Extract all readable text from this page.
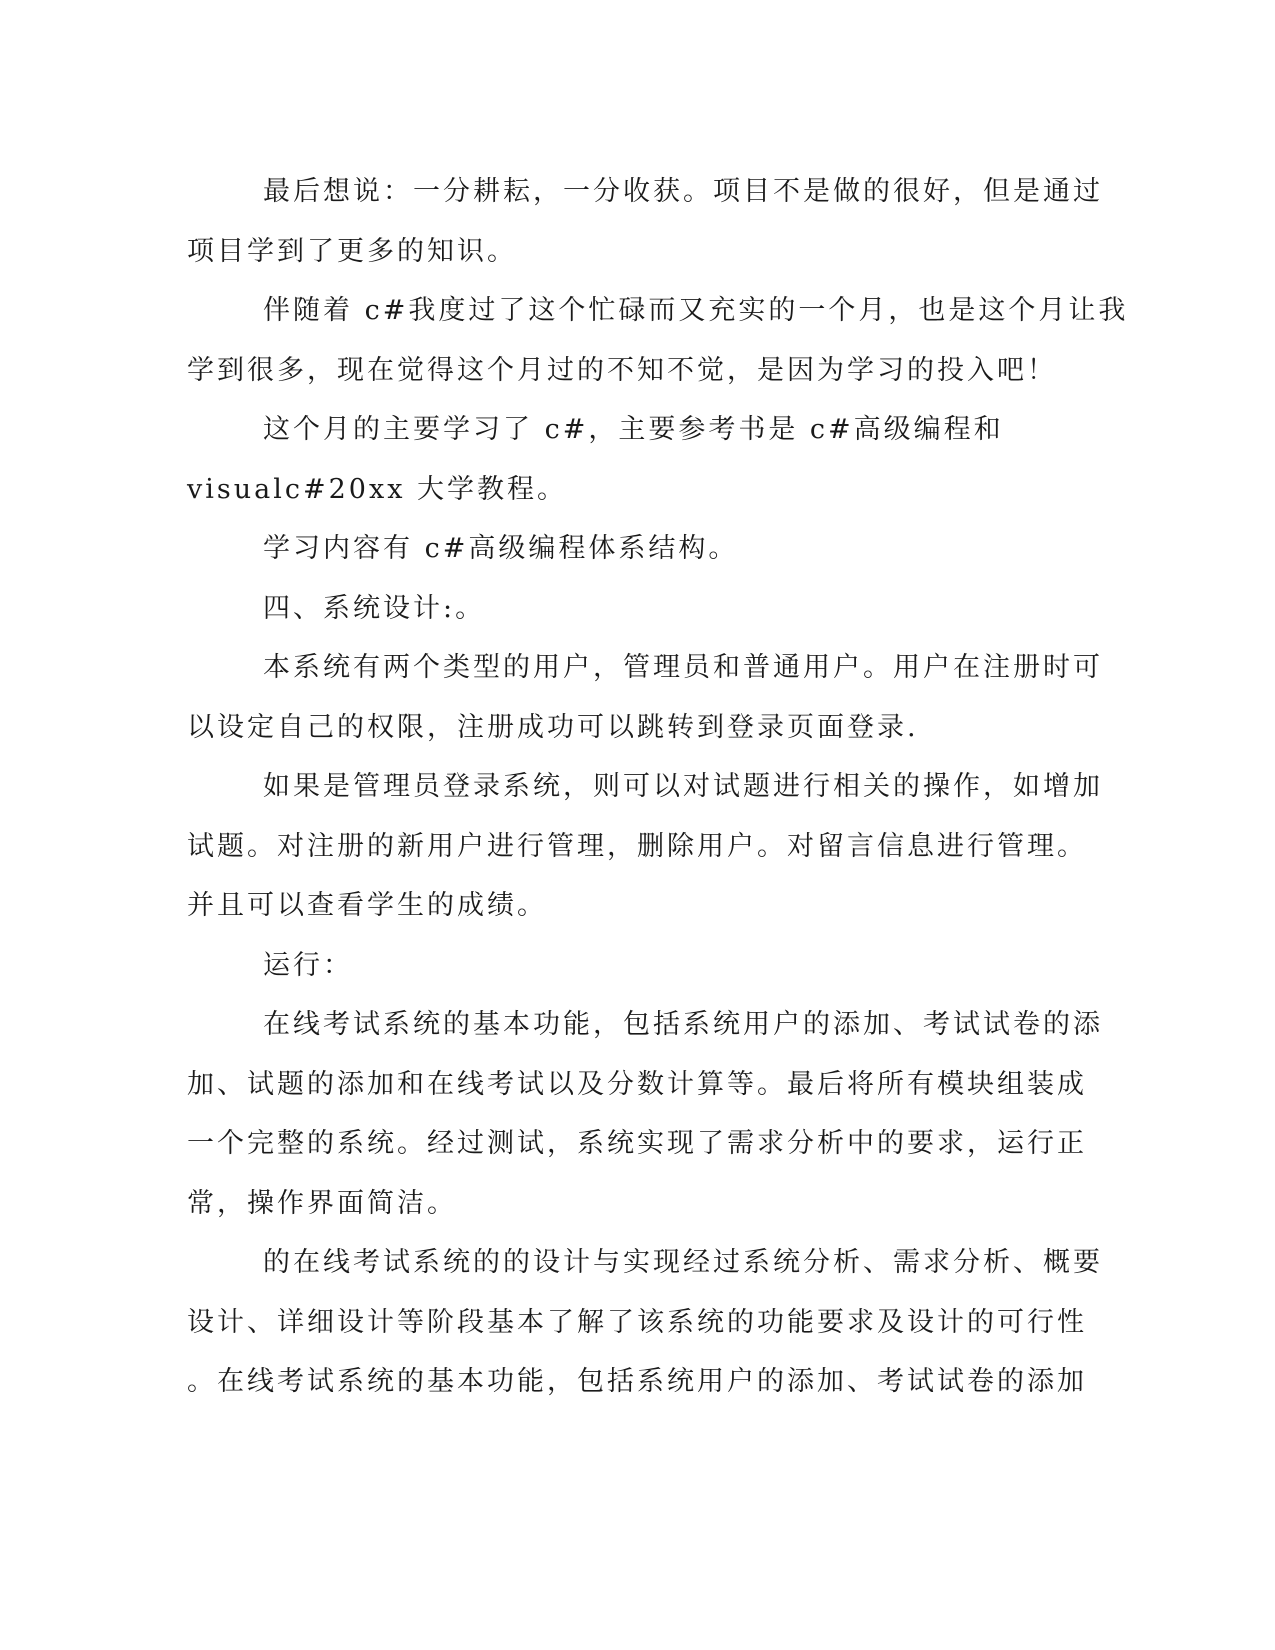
最后想说：一分耕耘，一分收获。项目不是做的很好，但是通过
项目学到了更多的知识。
伴随着 c#我度过了这个忙碌而又充实的一个月，也是这个月让我
学到很多，现在觉得这个月过的不知不觉，是因为学习的投入吧！
这个月的主要学习了 c#，主要参考书是 c#高级编程和
visualc#20xx 大学教程。
学习内容有 c#高级编程体系结构。
四、系统设计:。
本系统有两个类型的用户，管理员和普通用户。用户在注册时可
以设定自己的权限，注册成功可以跳转到登录页面登录.
如果是管理员登录系统，则可以对试题进行相关的操作，如增加
试题。对注册的新用户进行管理，删除用户。对留言信息进行管理。
并且可以查看学生的成绩。
运行：
在线考试系统的基本功能，包括系统用户的添加、考试试卷的添
加、试题的添加和在线考试以及分数计算等。最后将所有模块组装成
一个完整的系统。经过测试，系统实现了需求分析中的要求，运行正
常，操作界面简洁。
的在线考试系统的的设计与实现经过系统分析、需求分析、概要
设计、详细设计等阶段基本了解了该系统的功能要求及设计的可行性
。在线考试系统的基本功能，包括系统用户的添加、考试试卷的添加
